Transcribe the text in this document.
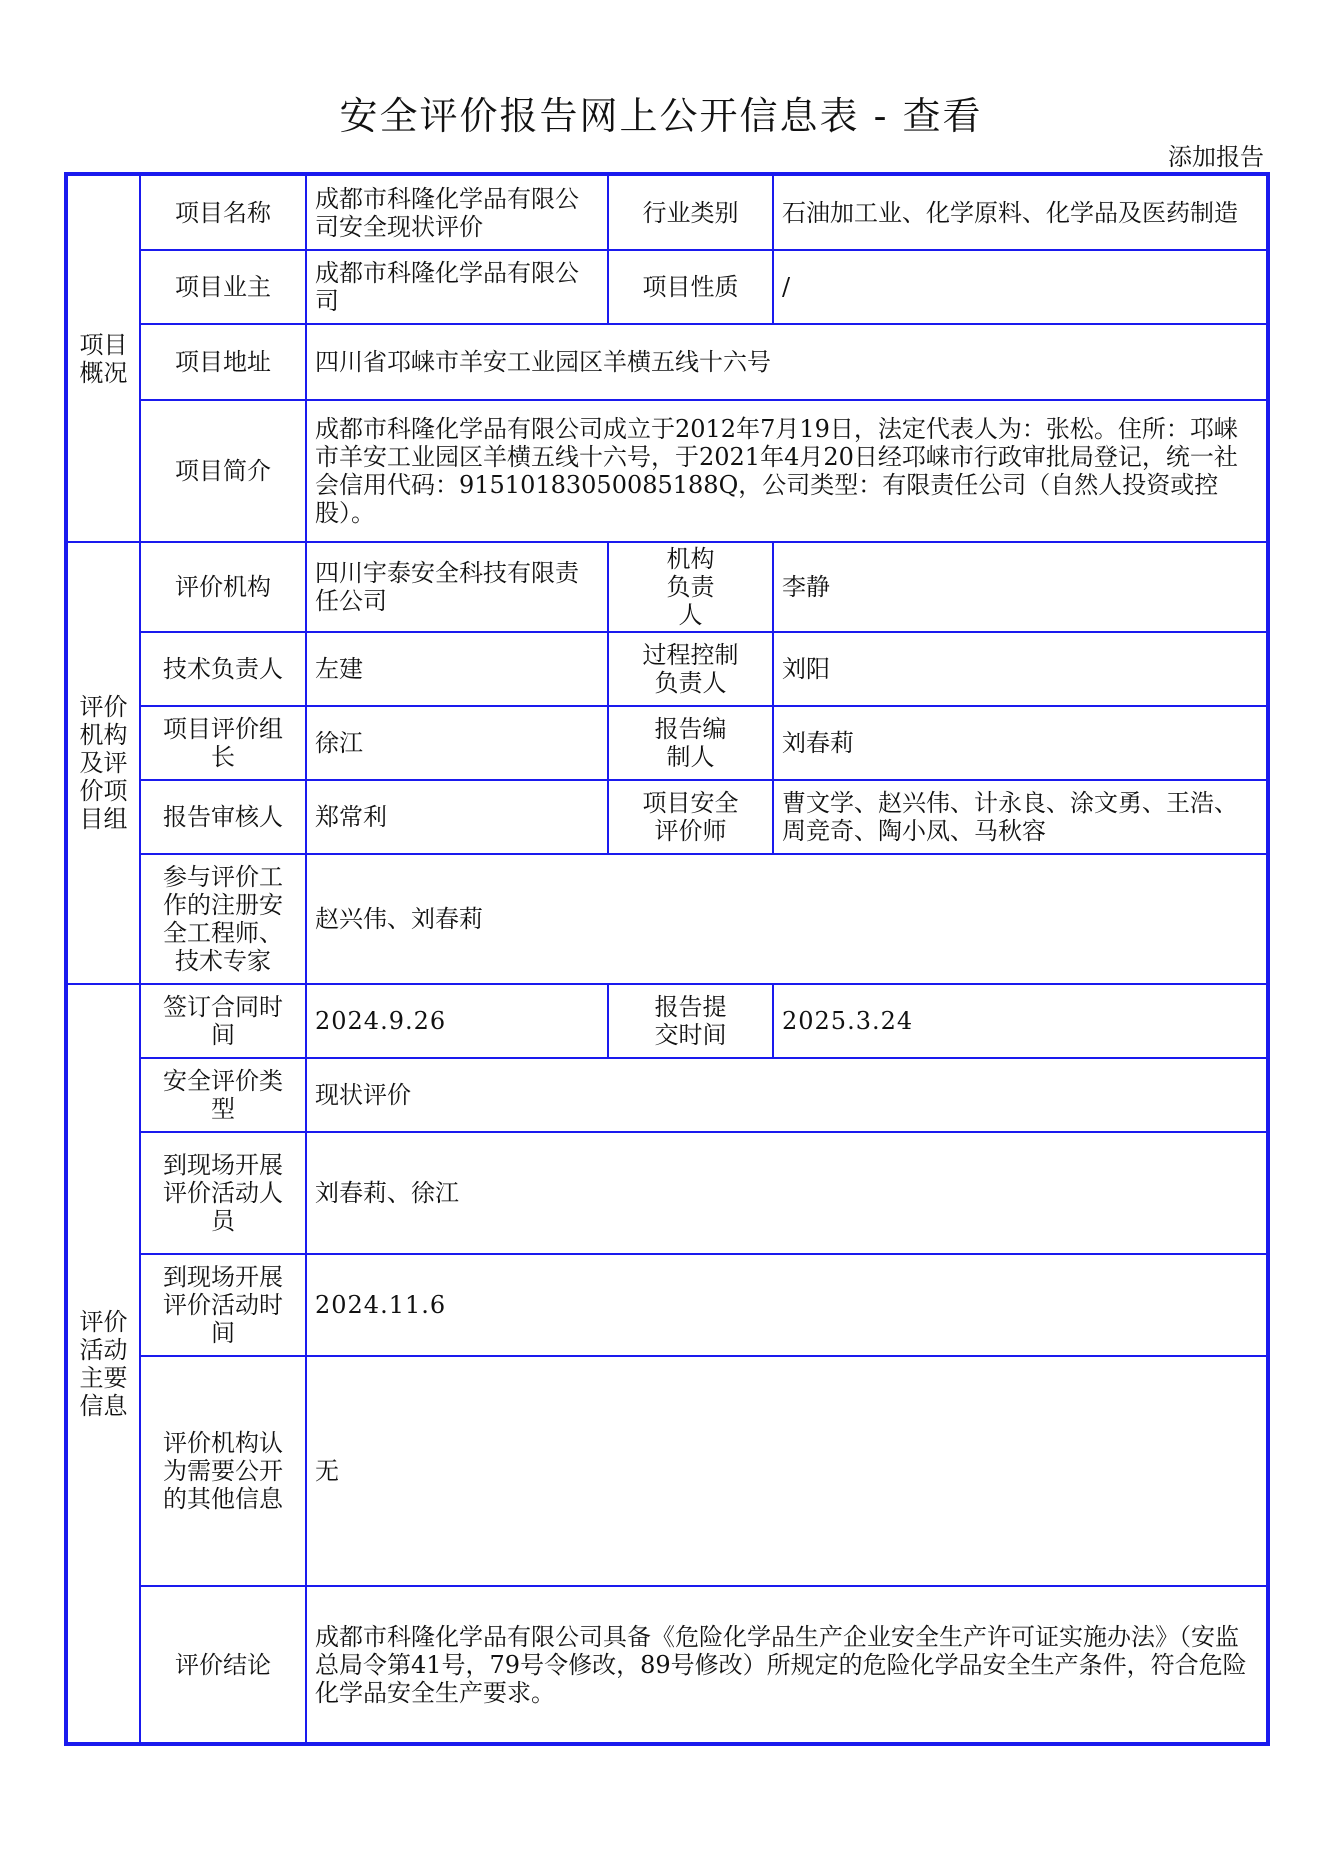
安全评价报告网上公开信息表 - 查看
添加报告
项目概况	项目名称	成都市科隆化学品有限公司安全现状评价	行业类别	石油加工业、化学原料、化学品及医药制造
	项目业主	成都市科隆化学品有限公司	项目性质	/
	项目地址	四川省邛崃市羊安工业园区羊横五线十六号		
	项目简介	成都市科隆化学品有限公司成立于2012年7月19日，法定代表人为：张松。住所：邛崃市羊安工业园区羊横五线十六号，于2021年4月20日经邛崃市行政审批局登记，统一社会信用代码：91510183050085188Q，公司类型：有限责任公司（自然人投资或控股）。		
评价机构及评价项目组	评价机构	四川宇泰安全科技有限责任公司	机构负责人	李静
	技术负责人	左建	过程控制负责人	刘阳
	项目评价组长	徐江	报告编制人	刘春莉
	报告审核人	郑常利	项目安全评价师	曹文学、赵兴伟、计永良、涂文勇、王浩、周竞奇、陶小凤、马秋容
	参与评价工作的注册安全工程师、技术专家	赵兴伟、刘春莉		
评价活动主要信息	签订合同时间	2024.9.26	报告提交时间	2025.3.24
	安全评价类型	现状评价		
	到现场开展评价活动人员	刘春莉、徐江		
	到现场开展评价活动时间	2024.11.6		
	评价机构认为需要公开的其他信息	无		
	评价结论	成都市科隆化学品有限公司具备《危险化学品生产企业安全生产许可证实施办法》（安监总局令第41号，79号令修改，89号修改）所规定的危险化学品安全生产条件，符合危险化学品安全生产要求。		
